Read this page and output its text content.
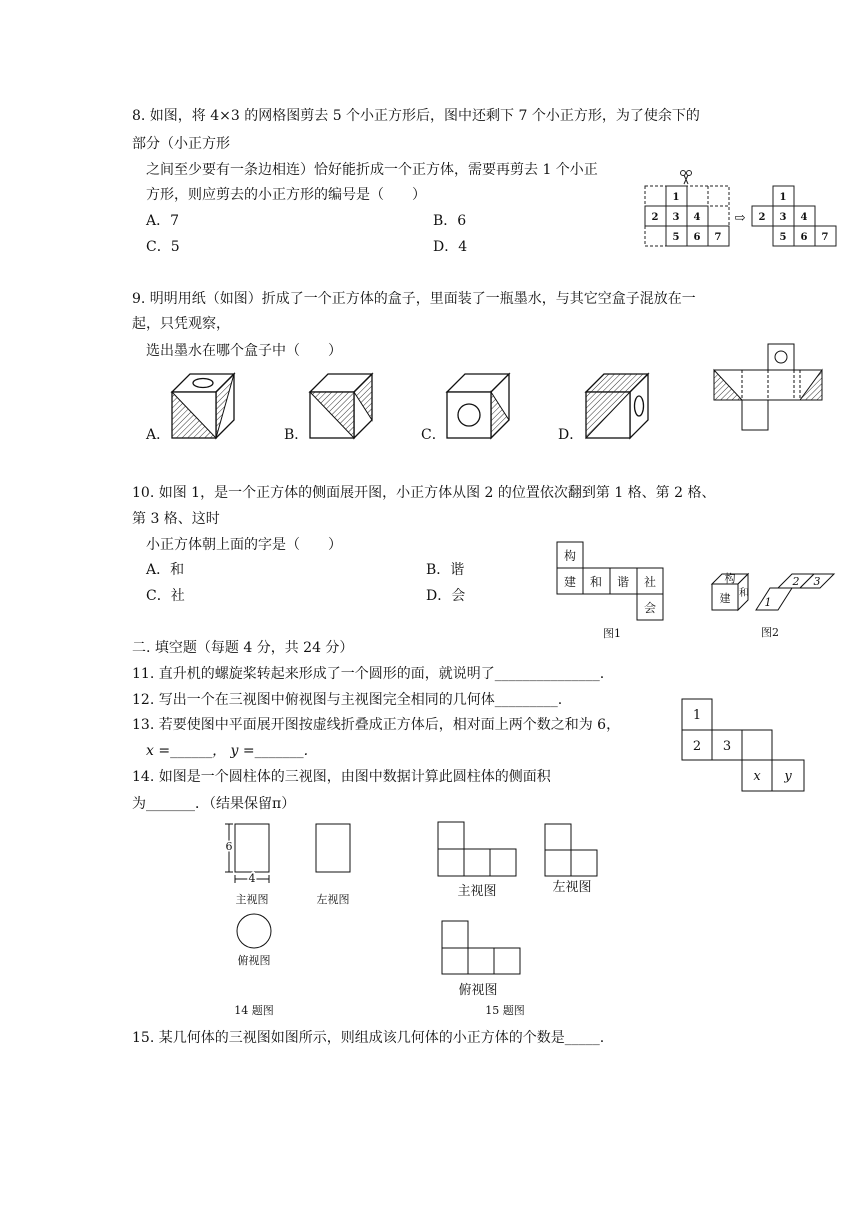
8. 如图，将 4×3 的网格图剪去 5 个小正方形后，图中还剩下 7 个小正方形，为了使余下的
部分（小正方形
之间至少要有一条边相连）恰好能折成一个正方体，需要再剪去 1 个小正
方形，则应剪去的小正方形的编号是（　　）
A．7	B．6
C．5	D．4
1
2 3 4
5 6 7
1
2 3 4
5 6 7
⇨
9. 明明用纸（如图）折成了一个正方体的盒子，里面装了一瓶墨水，与其它空盒子混放在一
起，只凭观察，
选出墨水在哪个盒子中（　　）
A．	B．	C．	D．
10. 如图 1，是一个正方体的侧面展开图，小正方体从图 2 的位置依次翻到第 1 格、第 2 格、
第 3 格、这时
小正方体朝上面的字是（　　）
A．和	B．谐
C．社	D．会
构
建 和 谐 社
会
图1
构
建 和
1
2 3
图2
二. 填空题（每题 4 分，共 24 分）
11. 直升机的螺旋桨转起来形成了一个圆形的面，就说明了_______________.
12. 写出一个在三视图中俯视图与主视图完全相同的几何体_________.
13. 若要使图中平面展开图按虚线折叠成正方体后，相对面上两个数之和为 6，
x =______， y =_______.
1
2 3
x y
14. 如图是一个圆柱体的三视图，由图中数据计算此圆柱体的侧面积
为_______．（结果保留π）
6
4
主视图	左视图
俯视图
14 题图
主视图	左视图
俯视图
15 题图
15. 某几何体的三视图如图所示，则组成该几何体的小正方体的个数是_____.
